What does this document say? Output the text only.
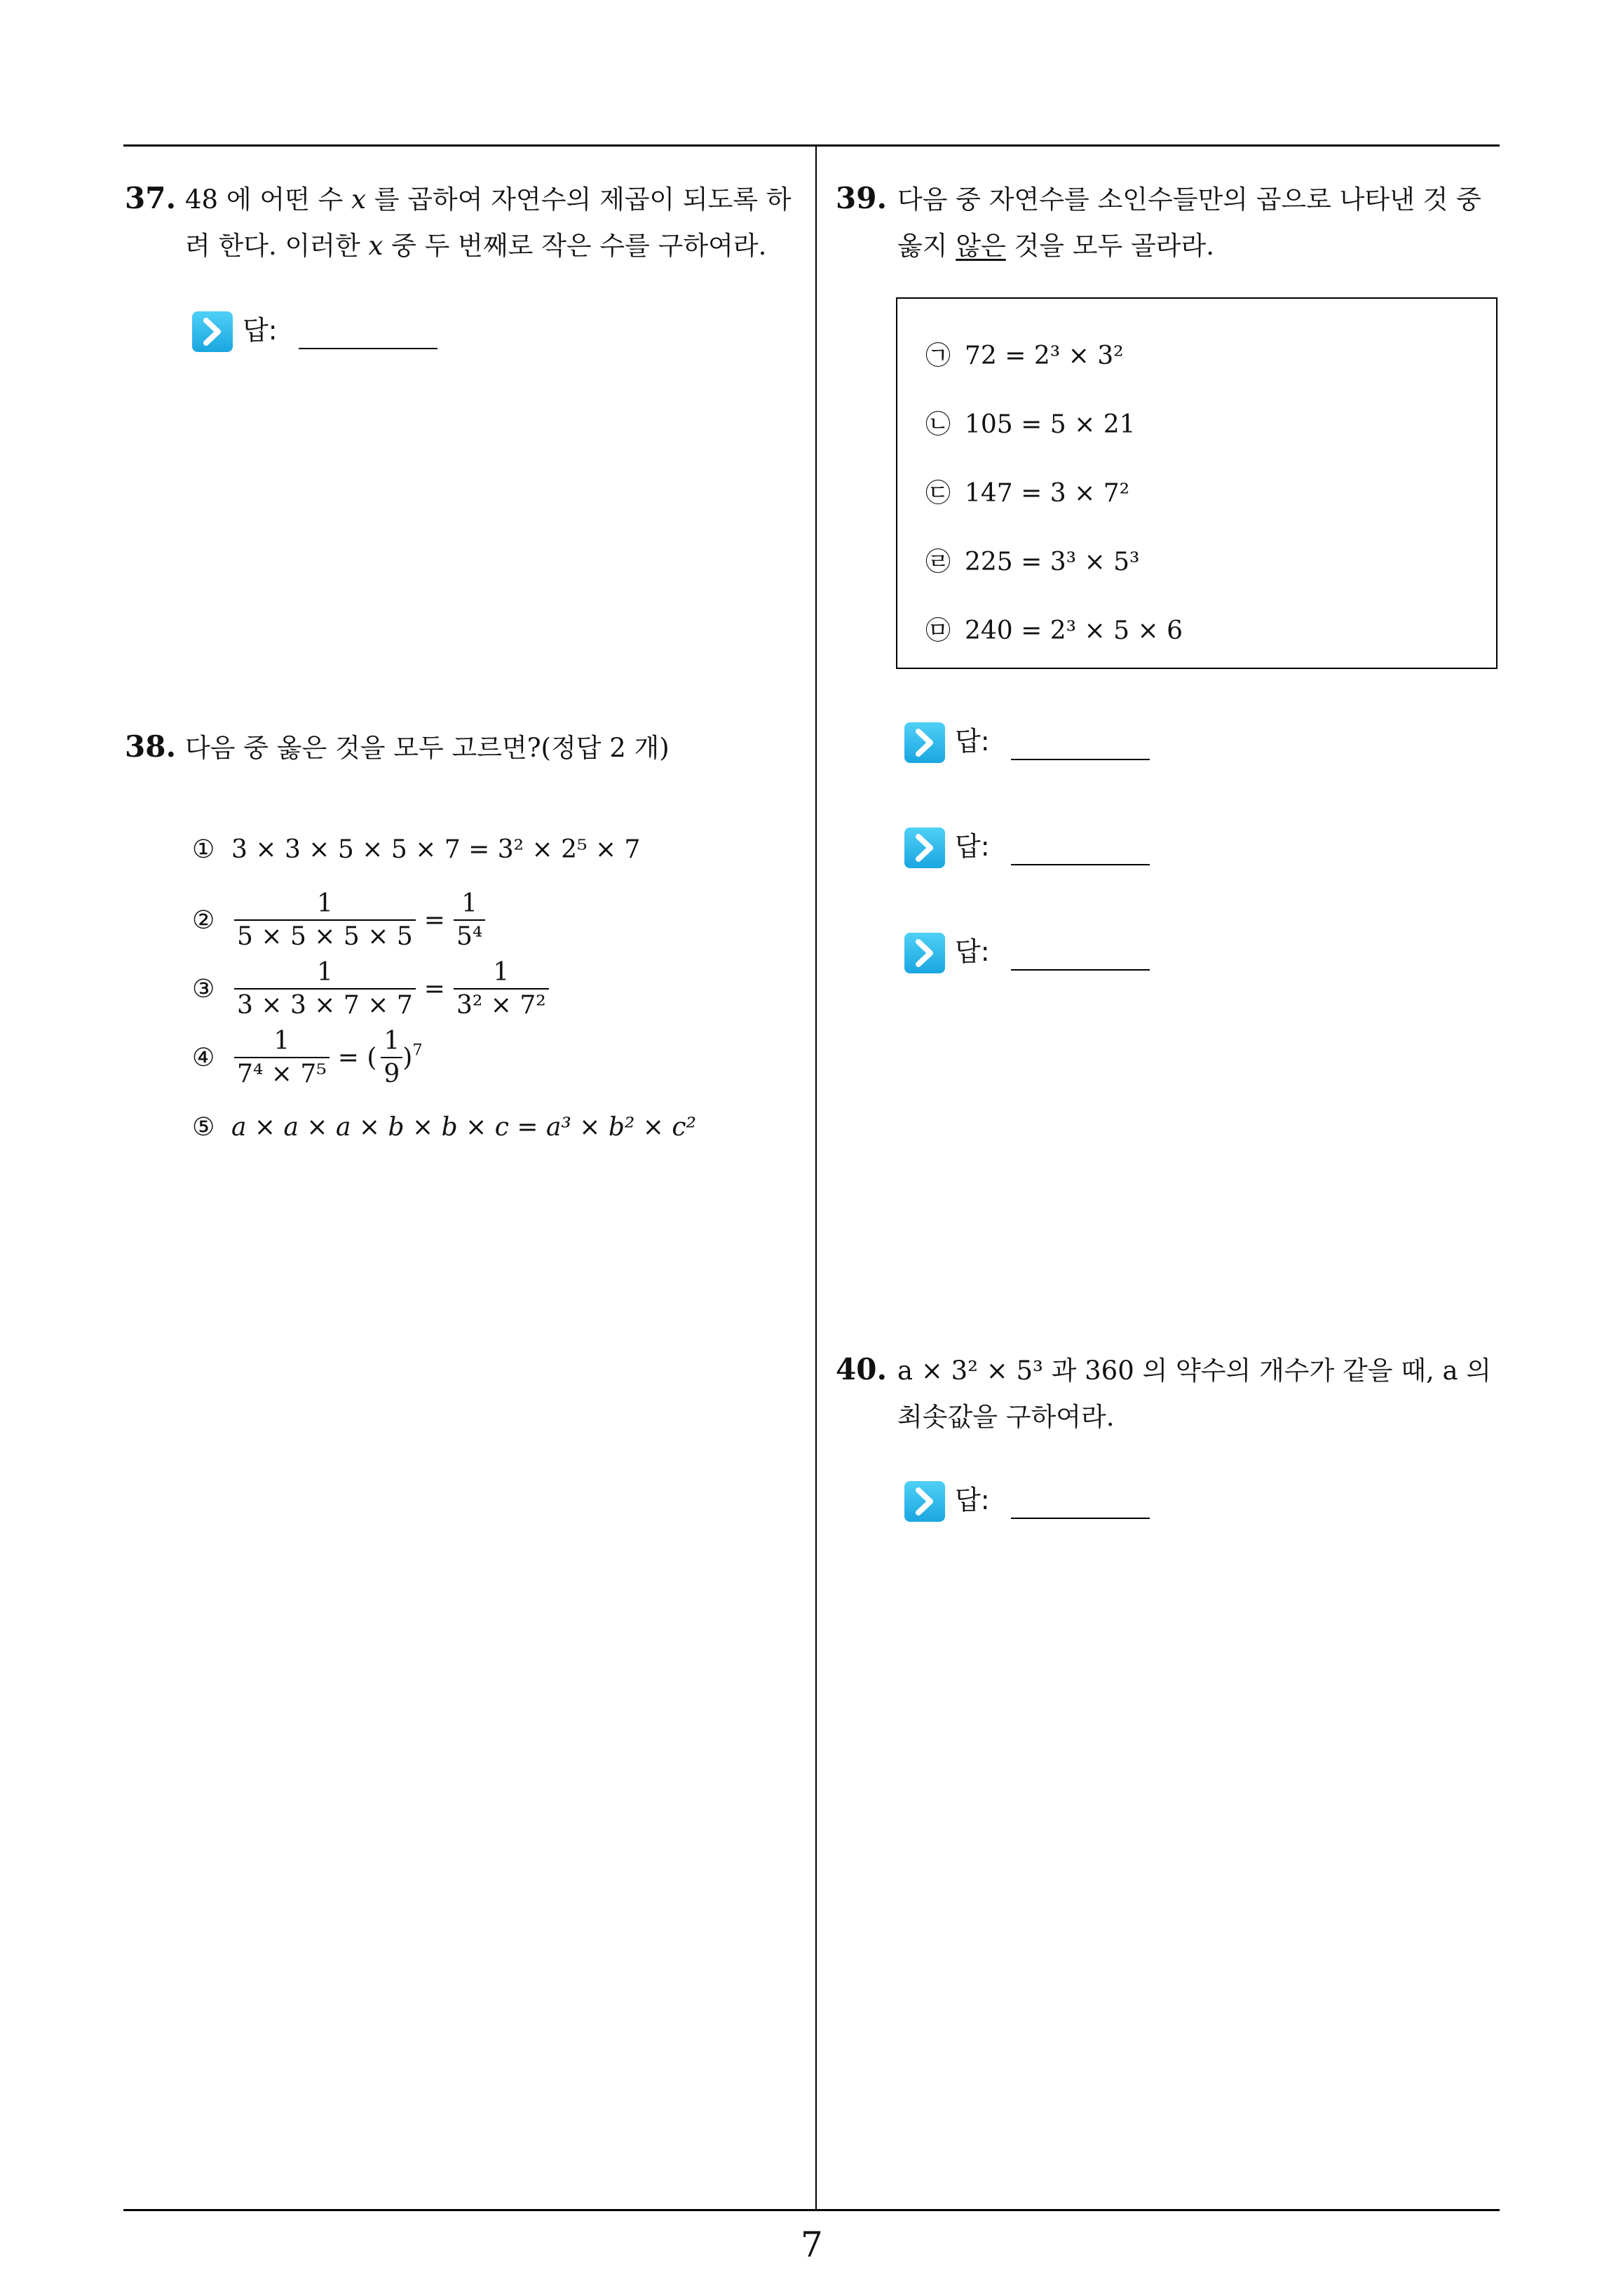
37. 48 에 어떤 수 x 를 곱하여 자연수의 제곱이 되도록 하
려 한다. 이러한 x 중 두 번째로 작은 수를 구하여라.
답:
38. 다음 중 옳은 것을 모두 고르면?(정답 2 개)
① 3 × 3 × 5 × 5 × 7 = 3² × 2⁵ × 7
② $\frac{1}{5 \times 5 \times 5 \times 5} = \frac{1}{\text{5⁴}}$
③ $\frac{1}{3 \times 3 \times 7 \times 7} = \frac{1}{\text{3² × 7²}}$
④ $\frac{1}{\text{7⁴ × 7⁵}}$ = ( $\frac{1}{9} )^7$
⑤ a × a × a × b × b × c = a³ × b² × c²
39. 다음 중 자연수를 소인수들만의 곱으로 나타낸 것 중
옳지 않은 것을 모두 골라라.
㉠ 72 = 2³ × 3²
㉡ 105 = 5 × 21
㉢ 147 = 3 × 7²
㉣ 225 = 3³ × 5³
㉤ 240 = 2³ × 5 × 6
답:
답:
답:
40. a × 3² × 5³ 과 360 의 약수의 개수가 같을 때, a 의
최솟값을 구하여라.
답:
7
